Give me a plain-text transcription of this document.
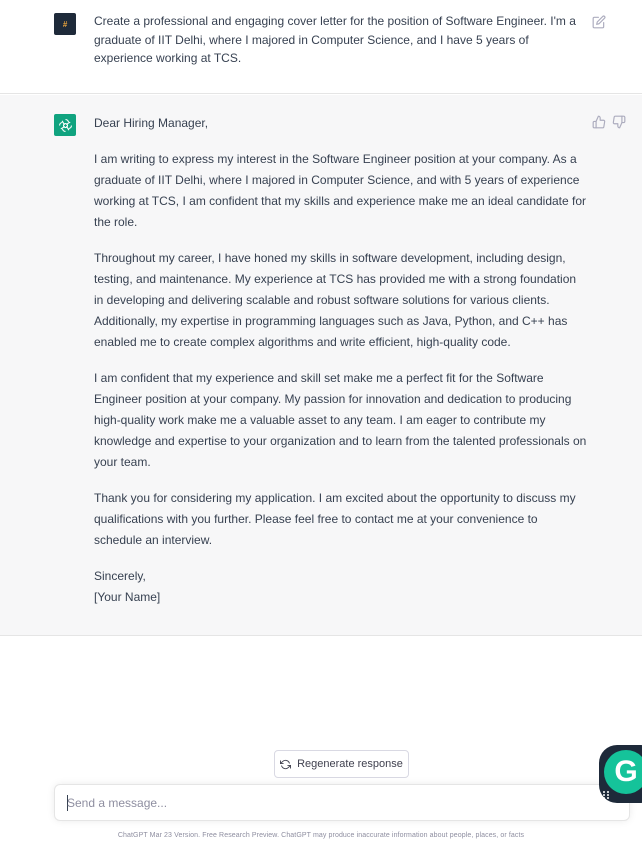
# Create a professional and engaging cover letter for the position of Software Engineer. I'm a graduate of IIT Delhi, where I majored in Computer Science, and I have 5 years of experience working at TCS.

Dear Hiring Manager,

I am writing to express my interest in the Software Engineer position at your company. As a graduate of IIT Delhi, where I majored in Computer Science, and with 5 years of experience working at TCS, I am confident that my skills and experience make me an ideal candidate for the role.

Throughout my career, I have honed my skills in software development, including design, testing, and maintenance. My experience at TCS has provided me with a strong foundation in developing and delivering scalable and robust software solutions for various clients. Additionally, my expertise in programming languages such as Java, Python, and C++ has enabled me to create complex algorithms and write efficient, high-quality code.

I am confident that my experience and skill set make me a perfect fit for the Software Engineer position at your company. My passion for innovation and dedication to producing high-quality work make me a valuable asset to any team. I am eager to contribute my knowledge and expertise to your organization and to learn from the talented professionals on your team.

Thank you for considering my application. I am excited about the opportunity to discuss my qualifications with you further. Please feel free to contact me at your convenience to schedule an interview.

Sincerely,
[Your Name]
Regenerate response
Send a message...
ChatGPT Mar 23 Version. Free Research Preview. ChatGPT may produce inaccurate information about people, places, or facts
G
